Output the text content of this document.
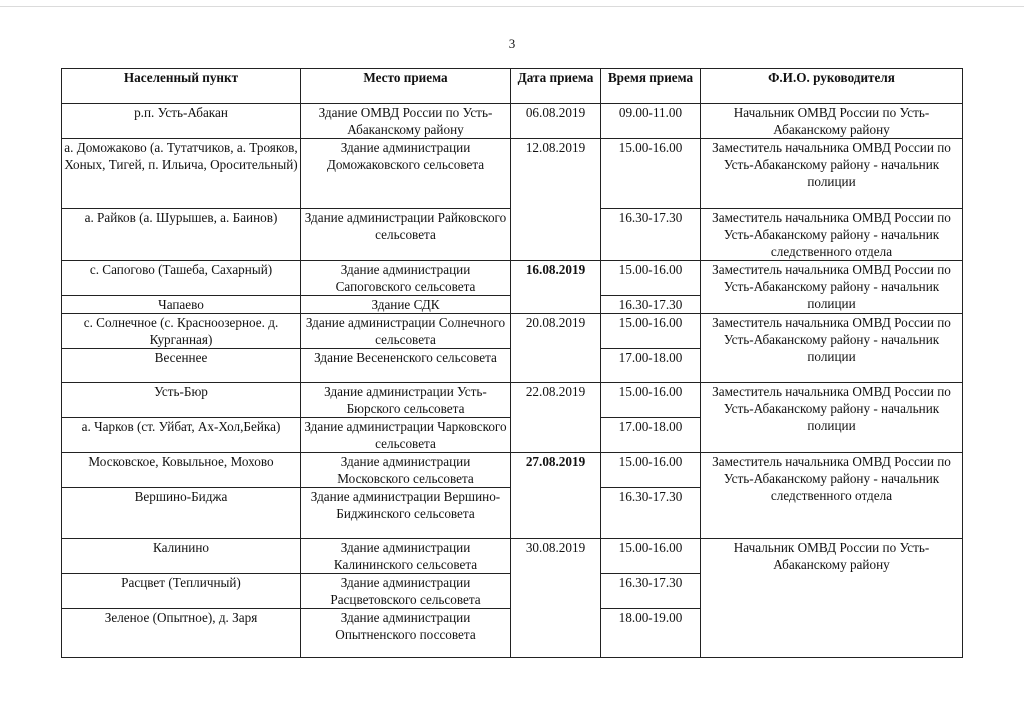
3
Населенный пункт	Место приема	Дата приема	Время приема	Ф.И.О. руководителя
р.п. Усть-Абакан	Здание ОМВД России по Усть-Абаканскому району	06.08.2019	09.00-11.00	Начальник ОМВД России по Усть-Абаканскому району
а. Доможаково (а. Тутатчиков, а. Трояков, Хоных, Тигей, п. Ильича, Оросительный)	Здание администрации Доможаковского сельсовета	12.08.2019	15.00-16.00	Заместитель начальника ОМВД России по Усть-Абаканскому району - начальник полиции
а. Райков (а. Шурышев, а. Баинов)	Здание администрации Райковского сельсовета		16.30-17.30	Заместитель начальника ОМВД России по Усть-Абаканскому району - начальник следственного отдела
с. Сапогово (Ташеба, Сахарный)	Здание администрации Сапоговского сельсовета	16.08.2019	15.00-16.00	Заместитель начальника ОМВД России по Усть-Абаканскому району - начальник полиции
Чапаево	Здание СДК		16.30-17.30	
с. Солнечное (с. Красноозерное. д. Курганная)	Здание администрации Солнечного сельсовета	20.08.2019	15.00-16.00	Заместитель начальника ОМВД России по Усть-Абаканскому району - начальник полиции
Весеннее	Здание Весененского сельсовета		17.00-18.00	
Усть-Бюр	Здание администрации Усть-Бюрского сельсовета	22.08.2019	15.00-16.00	Заместитель начальника ОМВД России по Усть-Абаканскому району - начальник полиции
а. Чарков (ст. Уйбат, Ах-Хол,Бейка)	Здание администрации Чарковского сельсовета		17.00-18.00	
Московское, Ковыльное, Мохово	Здание администрации Московского сельсовета	27.08.2019	15.00-16.00	Заместитель начальника ОМВД России по Усть-Абаканскому району - начальник следственного отдела
Вершино-Биджа	Здание администрации Вершино-Биджинского сельсовета		16.30-17.30	
Калинино	Здание администрации Калининского сельсовета	30.08.2019	15.00-16.00	Начальник ОМВД России по Усть-Абаканскому району
Расцвет (Тепличный)	Здание администрации Расцветовского сельсовета		16.30-17.30	
Зеленое (Опытное), д. Заря	Здание администрации Опытненского поссовета		18.00-19.00	
